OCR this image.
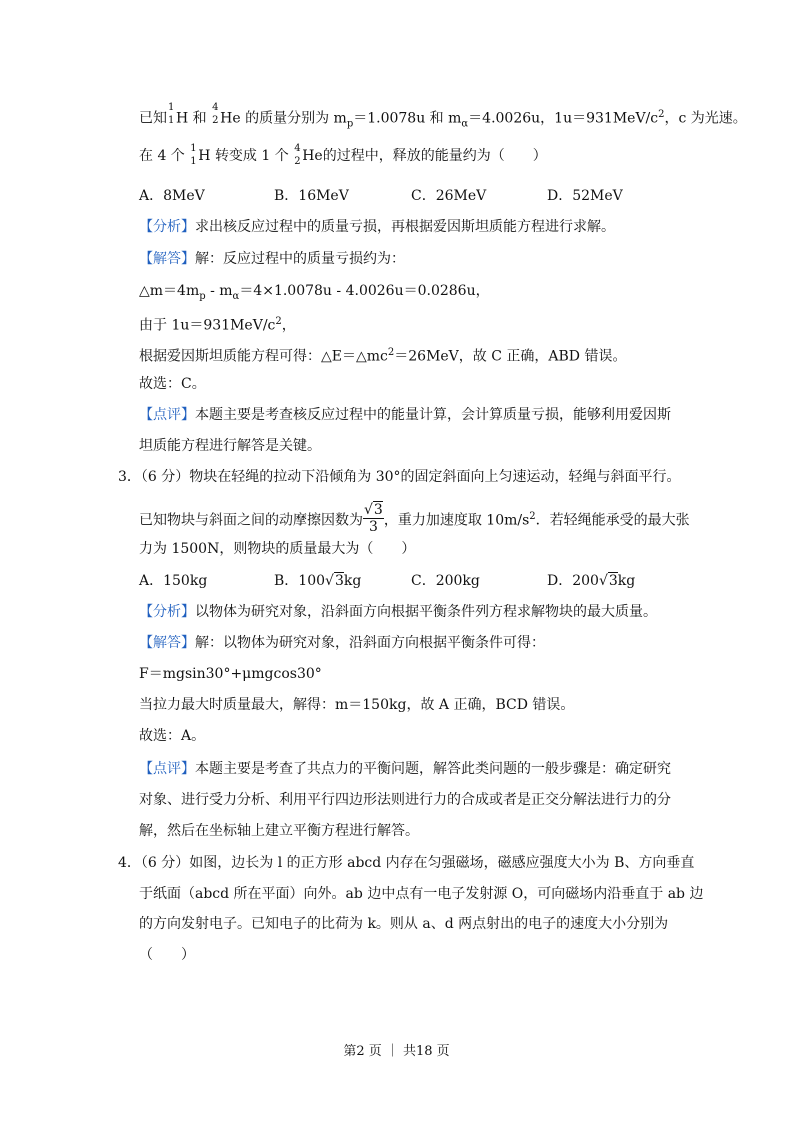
已知
1
1 H 和
4
2 He 的质量分别为 $m_p=1.0078u$ 和 $m_\alpha=4.0026u$，$1u=931MeV/c^2$，c 为光速。
在 4 个 1
1 H 转变成 1 个 4
2 He的过程中，释放的能量约为（　　）
A．8MeV	B．16MeV	C．26MeV	D．52MeV
【分析】求出核反应过程中的质量亏损，再根据爱因斯坦质能方程进行求解。
【解答】解：反应过程中的质量亏损约为：
$\triangle m=4m_p - m_\alpha=4\times 1.0078u - 4.0026u=0.0286u$，
由于 $1u=931MeV/c^2$，
根据爱因斯坦质能方程可得：$\triangle E=\triangle mc^2=26MeV$，故 C 正确，ABD 错误。
故选：C。
【点评】本题主要是考查核反应过程中的能量计算，会计算质量亏损，能够利用爱因斯
坦质能方程进行解答是关键。
3．（6 分）物块在轻绳的拉动下沿倾角为 30°的固定斜面向上匀速运动，轻绳与斜面平行。
已知物块与斜面之间的动摩擦因数为 $\frac{√3}{3}$ ，重力加速度取 $10m/s^2$．若轻绳能承受的最大张
力为 1500N，则物块的质量最大为（　　）
A．150kg	B．100√3kg	C．200kg	D．200√3kg
【分析】以物体为研究对象，沿斜面方向根据平衡条件列方程求解物块的最大质量。
【解答】解：以物体为研究对象，沿斜面方向根据平衡条件可得：
F＝mgsin30°+μmgcos30°
当拉力最大时质量最大，解得：m＝150kg，故 A 正确，BCD 错误。
故选：A。
【点评】本题主要是考查了共点力的平衡问题，解答此类问题的一般步骤是：确定研究
对象、进行受力分析、利用平行四边形法则进行力的合成或者是正交分解法进行力的分
解，然后在坐标轴上建立平衡方程进行解答。
4．（6 分）如图，边长为 l 的正方形 abcd 内存在匀强磁场，磁感应强度大小为 B、方向垂直
于纸面（abcd 所在平面）向外。ab 边中点有一电子发射源 O，可向磁场内沿垂直于 ab 边
的方向发射电子。已知电子的比荷为 k。则从 a、d 两点射出的电子的速度大小分别为
（　　）
第2 页 ｜ 共18 页
